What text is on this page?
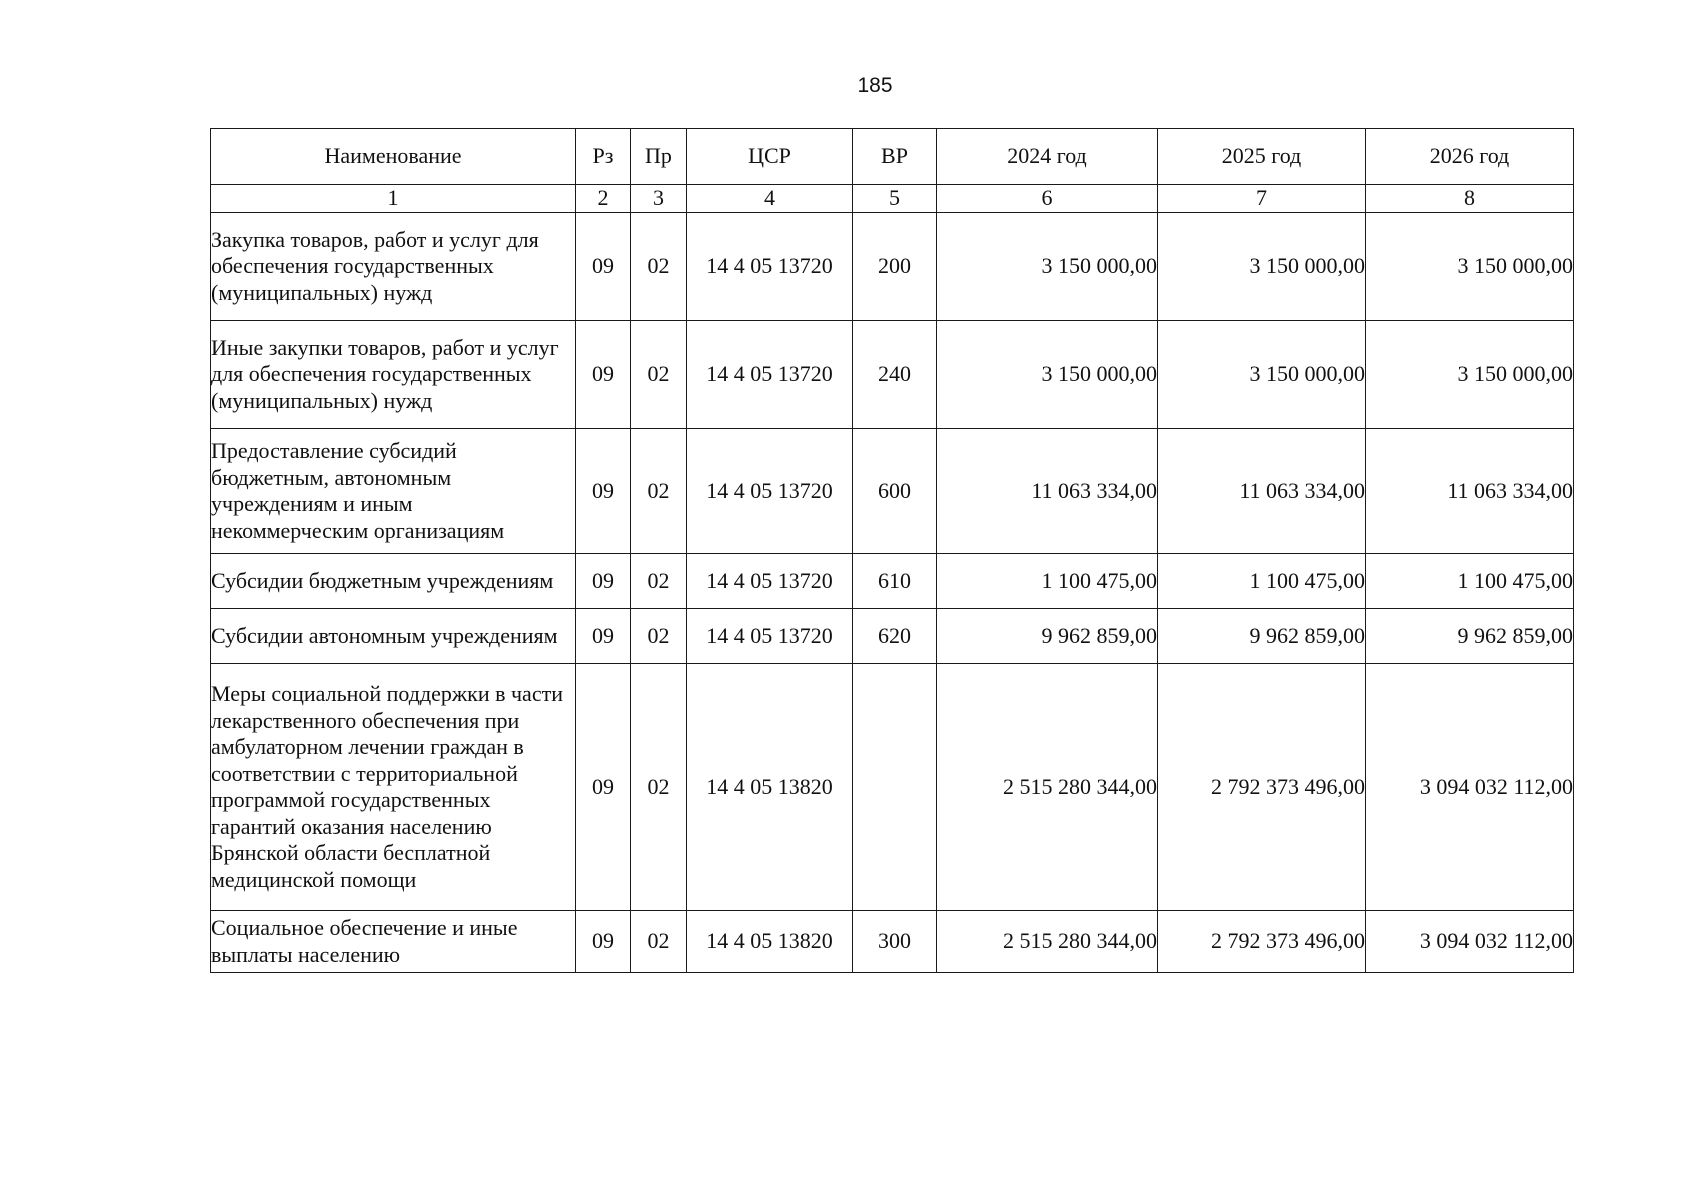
185
Наименование	Рз	Пр	ЦСР	ВР	2024 год	2025 год	2026 год
1	2	3	4	5	6	7	8
Закупка товаров, работ и услуг для обеспечения государственных (муниципальных) нужд	09	02	14 4 05 13720	200	3 150 000,00	3 150 000,00	3 150 000,00
Иные закупки товаров, работ и услуг для обеспечения государственных (муниципальных) нужд	09	02	14 4 05 13720	240	3 150 000,00	3 150 000,00	3 150 000,00
Предоставление субсидий бюджетным, автономным учреждениям и иным некоммерческим организациям	09	02	14 4 05 13720	600	11 063 334,00	11 063 334,00	11 063 334,00
Субсидии бюджетным учреждениям	09	02	14 4 05 13720	610	1 100 475,00	1 100 475,00	1 100 475,00
Субсидии автономным учреждениям	09	02	14 4 05 13720	620	9 962 859,00	9 962 859,00	9 962 859,00
Меры социальной поддержки в части лекарственного обеспечения при амбулаторном лечении граждан в соответствии с территориальной программой государственных гарантий оказания населению Брянской области бесплатной медицинской помощи	09	02	14 4 05 13820		2 515 280 344,00	2 792 373 496,00	3 094 032 112,00
Социальное обеспечение и иные выплаты населению	09	02	14 4 05 13820	300	2 515 280 344,00	2 792 373 496,00	3 094 032 112,00
